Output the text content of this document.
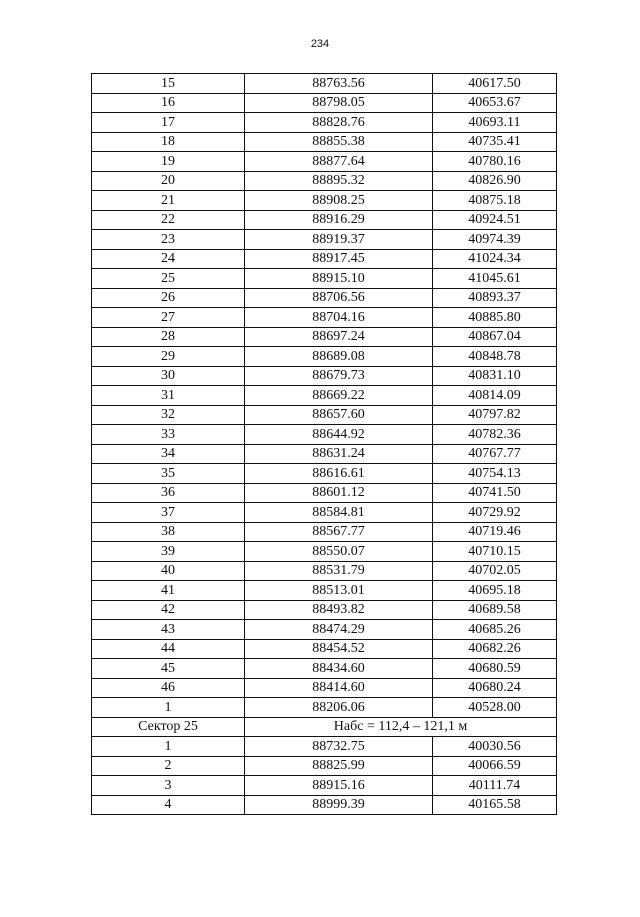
234
15	88763.56	40617.50
16	88798.05	40653.67
17	88828.76	40693.11
18	88855.38	40735.41
19	88877.64	40780.16
20	88895.32	40826.90
21	88908.25	40875.18
22	88916.29	40924.51
23	88919.37	40974.39
24	88917.45	41024.34
25	88915.10	41045.61
26	88706.56	40893.37
27	88704.16	40885.80
28	88697.24	40867.04
29	88689.08	40848.78
30	88679.73	40831.10
31	88669.22	40814.09
32	88657.60	40797.82
33	88644.92	40782.36
34	88631.24	40767.77
35	88616.61	40754.13
36	88601.12	40741.50
37	88584.81	40729.92
38	88567.77	40719.46
39	88550.07	40710.15
40	88531.79	40702.05
41	88513.01	40695.18
42	88493.82	40689.58
43	88474.29	40685.26
44	88454.52	40682.26
45	88434.60	40680.59
46	88414.60	40680.24
1	88206.06	40528.00
Сектор 25	Набс = 112,4 – 121,1 м	
1	88732.75	40030.56
2	88825.99	40066.59
3	88915.16	40111.74
4	88999.39	40165.58
